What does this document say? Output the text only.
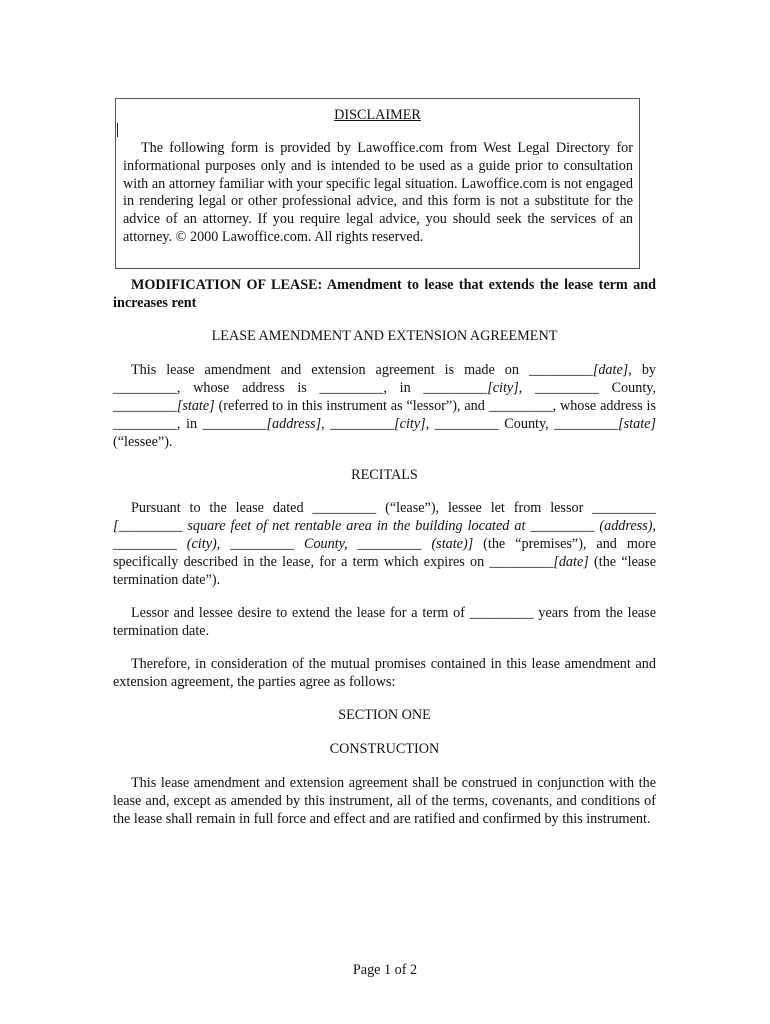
DISCLAIMER

The following form is provided by Lawoffice.com from West Legal Directory for informational purposes only and is intended to be used as a guide prior to consultation with an attorney familiar with your specific legal situation. Lawoffice.com is not engaged in rendering legal or other professional advice, and this form is not a substitute for the advice of an attorney. If you require legal advice, you should seek the services of an attorney. © 2000 Lawoffice.com. All rights reserved.

MODIFICATION OF LEASE: Amendment to lease that extends the lease term and increases rent

LEASE AMENDMENT AND EXTENSION AGREEMENT

This lease amendment and extension agreement is made on _________[date], by _________, whose address is _________, in _________[city], _________ County, _________[state] (referred to in this instrument as “lessor”), and _________, whose address is _________, in _________[address], _________[city], _________ County, _________[state] (“lessee”).

RECITALS

Pursuant to the lease dated _________ (“lease”), lessee let from lessor _________ [_________ square feet of net rentable area in the building located at _________ (address), _________ (city), _________ County, _________ (state)] (the “premises”), and more specifically described in the lease, for a term which expires on _________[date] (the “lease termination date”).

Lessor and lessee desire to extend the lease for a term of _________ years from the lease termination date.

Therefore, in consideration of the mutual promises contained in this lease amendment and extension agreement, the parties agree as follows:

SECTION ONE

CONSTRUCTION

This lease amendment and extension agreement shall be construed in conjunction with the lease and, except as amended by this instrument, all of the terms, covenants, and conditions of the lease shall remain in full force and effect and are ratified and confirmed by this instrument.

Page 1 of 2
